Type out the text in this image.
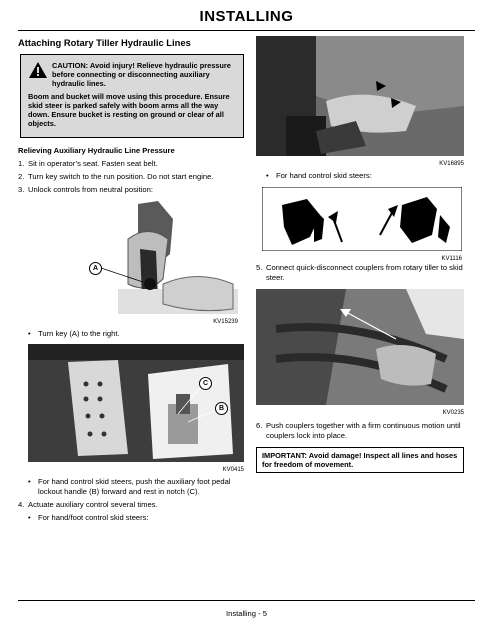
INSTALLING
Attaching Rotary Tiller Hydraulic Lines

CAUTION: Avoid injury! Relieve hydraulic pressure before connecting or disconnecting auxiliary hydraulic lines.

Boom and bucket will move using this procedure. Ensure skid steer is parked safely with boom arms all the way down. Ensure bucket is resting on ground or clear of all objects.

Relieving Auxiliary Hydraulic Line Pressure
1. Sit in operator’s seat. Fasten seat belt.
2. Turn key switch to the run position. Do not start engine.
3. Unlock controls from neutral position:
A
KV15239
• Turn key (A) to the right.
C
B
KV0415
• For hand control skid steers, push the auxiliary foot pedal lockout handle (B) forward and rest in notch (C).
4. Actuate auxiliary control several times.
• For hand/foot control skid steers:
KV16895
• For hand control skid steers:
KV1116
5. Connect quick-disconnect couplers from rotary tiller to skid steer.
KV0235
6. Push couplers together with a firm continuous motion until couplers lock into place.
IMPORTANT: Avoid damage! Inspect all lines and hoses for freedom of movement.
Installing - 5
